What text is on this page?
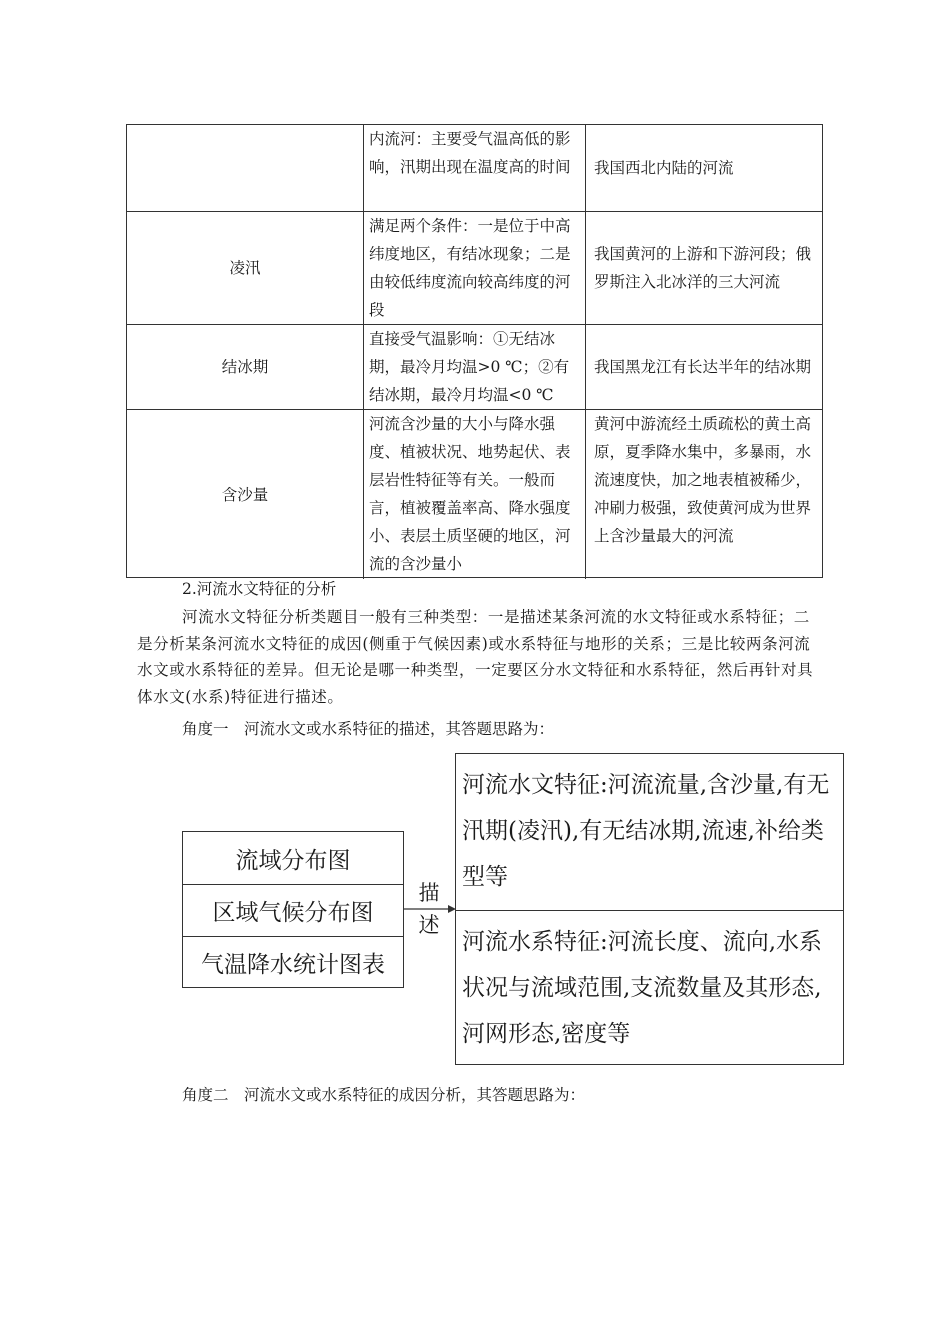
内流河：主要受气温高低的影响，汛期出现在温度高的时间	我国西北内陆的河流
凌汛
满足两个条件：一是位于中高纬度地区，有结冰现象；二是由较低纬度流向较高纬度的河段
我国黄河的上游和下游河段；俄罗斯注入北冰洋的三大河流
结冰期
直接受气温影响：①无结冰期，最冷月均温>0 ℃；②有结冰期，最冷月均温<0 ℃
我国黑龙江有长达半年的结冰期
含沙量
河流含沙量的大小与降水强度、植被状况、地势起伏、表层岩性特征等有关。一般而言，植被覆盖率高、降水强度小、表层土质坚硬的地区，河流的含沙量小
黄河中游流经土质疏松的黄土高原，夏季降水集中，多暴雨，水流速度快，加之地表植被稀少，冲刷力极强，致使黄河成为世界上含沙量最大的河流
2.河流水文特征的分析
河流水文特征分析类题目一般有三种类型：一是描述某条河流的水文特征或水系特征；二是分析某条河流水文特征的成因(侧重于气候因素)或水系特征与地形的关系；三是比较两条河流水文或水系特征的差异。但无论是哪一种类型，一定要区分水文特征和水系特征，然后再针对具体水文(水系)特征进行描述。
角度一　河流水文或水系特征的描述，其答题思路为：
流域分布图
区域气候分布图
气温降水统计图表
描述
河流水文特征:河流流量,含沙量,有无汛期(凌汛),有无结冰期,流速,补给类型等
河流水系特征:河流长度、流向,水系状况与流域范围,支流数量及其形态,河网形态,密度等
角度二　河流水文或水系特征的成因分析，其答题思路为：
